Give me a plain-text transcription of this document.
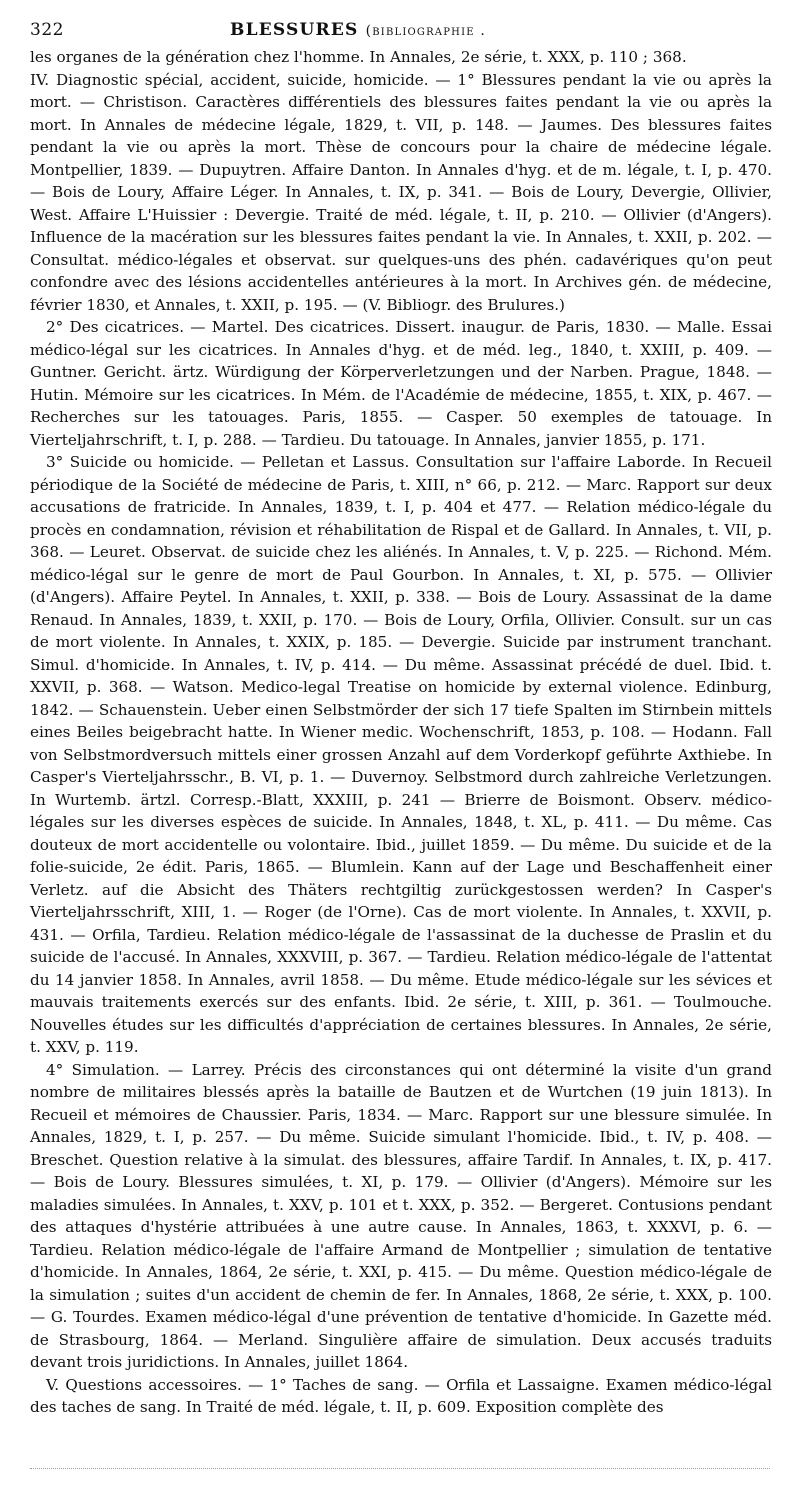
322	BLESSURES (bibliographie .

les organes de la génération chez l'homme. In Annales, 2e série, t. XXX, p. 110 ; 368.

IV. Diagnostic spécial, accident, suicide, homicide. — 1° Blessures pendant la vie ou après la mort. — Christison. Caractères différentiels des blessures faites pendant la vie ou après la mort. In Annales de médecine légale, 1829, t. VII, p. 148. — Jaumes. Des blessures faites pendant la vie ou après la mort. Thèse de concours pour la chaire de médecine légale. Montpellier, 1839. — Dupuytren. Affaire Danton. In Annales d'hyg. et de m. légale, t. I, p. 470. — Bois de Loury, Affaire Léger. In Annales, t. IX, p. 341. — Bois de Loury, Devergie, Ollivier, West. Affaire L'Huissier : Devergie. Traité de méd. légale, t. II, p. 210. — Ollivier (d'Angers). Influence de la macération sur les blessures faites pendant la vie. In Annales, t. XXII, p. 202. — Consultat. médico-légales et observat. sur quelques-uns des phén. cadavériques qu'on peut confondre avec des lésions accidentelles antérieures à la mort. In Archives gén. de médecine, février 1830, et Annales, t. XXII, p. 195. — (V. Bibliogr. des Brulures.)

2° Des cicatrices. — Martel. Des cicatrices. Dissert. inaugur. de Paris, 1830. — Malle. Essai médico-légal sur les cicatrices. In Annales d'hyg. et de méd. leg., 1840, t. XXIII, p. 409. — Guntner. Gericht. ärtz. Würdigung der Körperverletzungen und der Narben. Prague, 1848. — Hutin. Mémoire sur les cicatrices. In Mém. de l'Académie de médecine, 1855, t. XIX, p. 467. — Recherches sur les tatouages. Paris, 1855. — Casper. 50 exemples de tatouage. In Vierteljahrschrift, t. I, p. 288. — Tardieu. Du tatouage. In Annales, janvier 1855, p. 171.

3° Suicide ou homicide. — Pelletan et Lassus. Consultation sur l'affaire Laborde. In Recueil périodique de la Société de médecine de Paris, t. XIII, n° 66, p. 212. — Marc. Rapport sur deux accusations de fratricide. In Annales, 1839, t. I, p. 404 et 477. — Relation médico-légale du procès en condamnation, révision et réhabilitation de Rispal et de Gallard. In Annales, t. VII, p. 368. — Leuret. Observat. de suicide chez les aliénés. In Annales, t. V, p. 225. — Richond. Mém. médico-légal sur le genre de mort de Paul Gourbon. In Annales, t. XI, p. 575. — Ollivier (d'Angers). Affaire Peytel. In Annales, t. XXII, p. 338. — Bois de Loury. Assassinat de la dame Renaud. In Annales, 1839, t. XXII, p. 170. — Bois de Loury, Orfila, Ollivier. Consult. sur un cas de mort violente. In Annales, t. XXIX, p. 185. — Devergie. Suicide par instrument tranchant. Simul. d'homicide. In Annales, t. IV, p. 414. — Du même. Assassinat précédé de duel. Ibid. t. XXVII, p. 368. — Watson. Medico-legal Treatise on homicide by external violence. Edinburg, 1842. — Schauenstein. Ueber einen Selbstmörder der sich 17 tiefe Spalten im Stirnbein mittels eines Beiles beigebracht hatte. In Wiener medic. Wochenschrift, 1853, p. 108. — Hodann. Fall von Selbstmordversuch mittels einer grossen Anzahl auf dem Vorderkopf geführte Axthiebe. In Casper's Vierteljahrsschr., B. VI, p. 1. — Duvernoy. Selbstmord durch zahlreiche Verletzungen. In Wurtemb. ärtzl. Corresp.-Blatt, XXXIII, p. 241 — Brierre de Boismont. Observ. médico-légales sur les diverses espèces de suicide. In Annales, 1848, t. XL, p. 411. — Du même. Cas douteux de mort accidentelle ou volontaire. Ibid., juillet 1859. — Du même. Du suicide et de la folie-suicide, 2e édit. Paris, 1865. — Blumlein. Kann auf der Lage und Beschaffenheit einer Verletz. auf die Absicht des Thäters rechtgiltig zurückgestossen werden? In Casper's Vierteljahrsschrift, XIII, 1. — Roger (de l'Orne). Cas de mort violente. In Annales, t. XXVII, p. 431. — Orfila, Tardieu. Relation médico-légale de l'assassinat de la duchesse de Praslin et du suicide de l'accusé. In Annales, XXXVIII, p. 367. — Tardieu. Relation médico-légale de l'attentat du 14 janvier 1858. In Annales, avril 1858. — Du même. Etude médico-légale sur les sévices et mauvais traitements exercés sur des enfants. Ibid. 2e série, t. XIII, p. 361. — Toulmouche. Nouvelles études sur les difficultés d'appréciation de certaines blessures. In Annales, 2e série, t. XXV, p. 119.

4° Simulation. — Larrey. Précis des circonstances qui ont déterminé la visite d'un grand nombre de militaires blessés après la bataille de Bautzen et de Wurtchen (19 juin 1813). In Recueil et mémoires de Chaussier. Paris, 1834. — Marc. Rapport sur une blessure simulée. In Annales, 1829, t. I, p. 257. — Du même. Suicide simulant l'homicide. Ibid., t. IV, p. 408. — Breschet. Question relative à la simulat. des blessures, affaire Tardif. In Annales, t. IX, p. 417. — Bois de Loury. Blessures simulées, t. XI, p. 179. — Ollivier (d'Angers). Mémoire sur les maladies simulées. In Annales, t. XXV, p. 101 et t. XXX, p. 352. — Bergeret. Contusions pendant des attaques d'hystérie attribuées à une autre cause. In Annales, 1863, t. XXXVI, p. 6. — Tardieu. Relation médico-légale de l'affaire Armand de Montpellier ; simulation de tentative d'homicide. In Annales, 1864, 2e série, t. XXI, p. 415. — Du même. Question médico-légale de la simulation ; suites d'un accident de chemin de fer. In Annales, 1868, 2e série, t. XXX, p. 100. — G. Tourdes. Examen médico-légal d'une prévention de tentative d'homicide. In Gazette méd. de Strasbourg, 1864. — Merland. Singulière affaire de simulation. Deux accusés traduits devant trois juridictions. In Annales, juillet 1864.

V. Questions accessoires. — 1° Taches de sang. — Orfila et Lassaigne. Examen médico-légal des taches de sang. In Traité de méd. légale, t. II, p. 609. Exposition complète des
